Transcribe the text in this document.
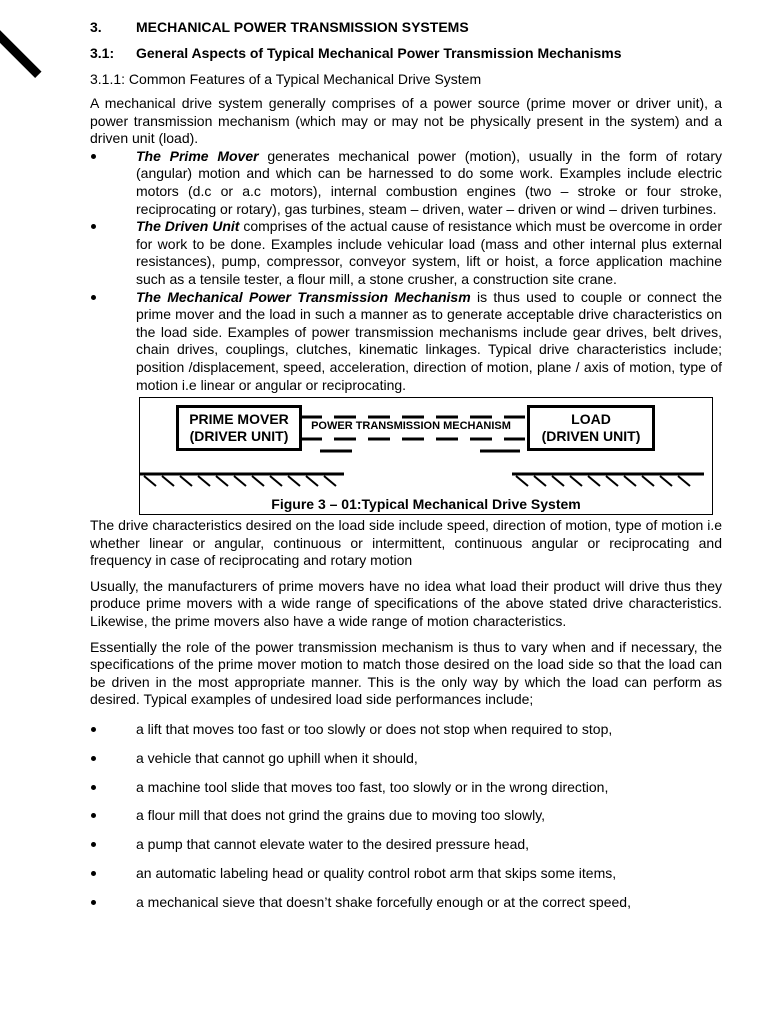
3.	MECHANICAL POWER TRANSMISSION SYSTEMS
3.1:	General Aspects of Typical Mechanical Power Transmission Mechanisms
3.1.1: Common Features of a Typical Mechanical Drive System

A mechanical drive system generally comprises of a power source (prime mover or driver unit), a power transmission mechanism (which may or may not be physically present in the system) and a driven unit (load).

The Prime Mover generates mechanical power (motion), usually in the form of rotary (angular) motion and which can be harnessed to do some work. Examples include electric motors (d.c or a.c motors), internal combustion engines (two – stroke or four stroke, reciprocating or rotary), gas turbines, steam – driven, water – driven or wind – driven turbines.
The Driven Unit comprises of the actual cause of resistance which must be overcome in order for work to be done. Examples include vehicular load (mass and other internal plus external resistances), pump, compressor, conveyor system, lift or hoist, a force application machine such as a tensile tester, a flour mill, a stone crusher, a construction site crane.
The Mechanical Power Transmission Mechanism is thus used to couple or connect the prime mover and the load in such a manner as to generate acceptable drive characteristics on the load side. Examples of power transmission mechanisms include gear drives, belt drives, chain drives, couplings, clutches, kinematic linkages. Typical drive characteristics include; position /displacement, speed, acceleration, direction of motion, plane / axis of motion, type of motion i.e linear or angular or reciprocating.
PRIME MOVER
(DRIVER UNIT)
POWER TRANSMISSION MECHANISM	LOAD
(DRIVEN UNIT)
Figure 3 – 01:Typical Mechanical Drive System

The drive characteristics desired on the load side include speed, direction of motion, type of motion i.e whether linear or angular, continuous or intermittent, continuous angular or reciprocating and frequency in case of reciprocating and rotary motion

Usually, the manufacturers of prime movers have no idea what load their product will drive thus they produce prime movers with a wide range of specifications of the above stated drive characteristics. Likewise, the prime movers also have a wide range of motion characteristics.

Essentially the role of the power transmission mechanism is thus to vary when and if necessary, the specifications of the prime mover motion to match those desired on the load side so that the load can be driven in the most appropriate manner. This is the only way by which the load can perform as desired. Typical examples of undesired load side performances include;

a lift that moves too fast or too slowly or does not stop when required to stop,
a vehicle that cannot go uphill when it should,
a machine tool slide that moves too fast, too slowly or in the wrong direction,
a flour mill that does not grind the grains due to moving too slowly,
a pump that cannot elevate water to the desired pressure head,
an automatic labeling head or quality control robot arm that skips some items,
a mechanical sieve that doesn’t shake forcefully enough or at the correct speed,
